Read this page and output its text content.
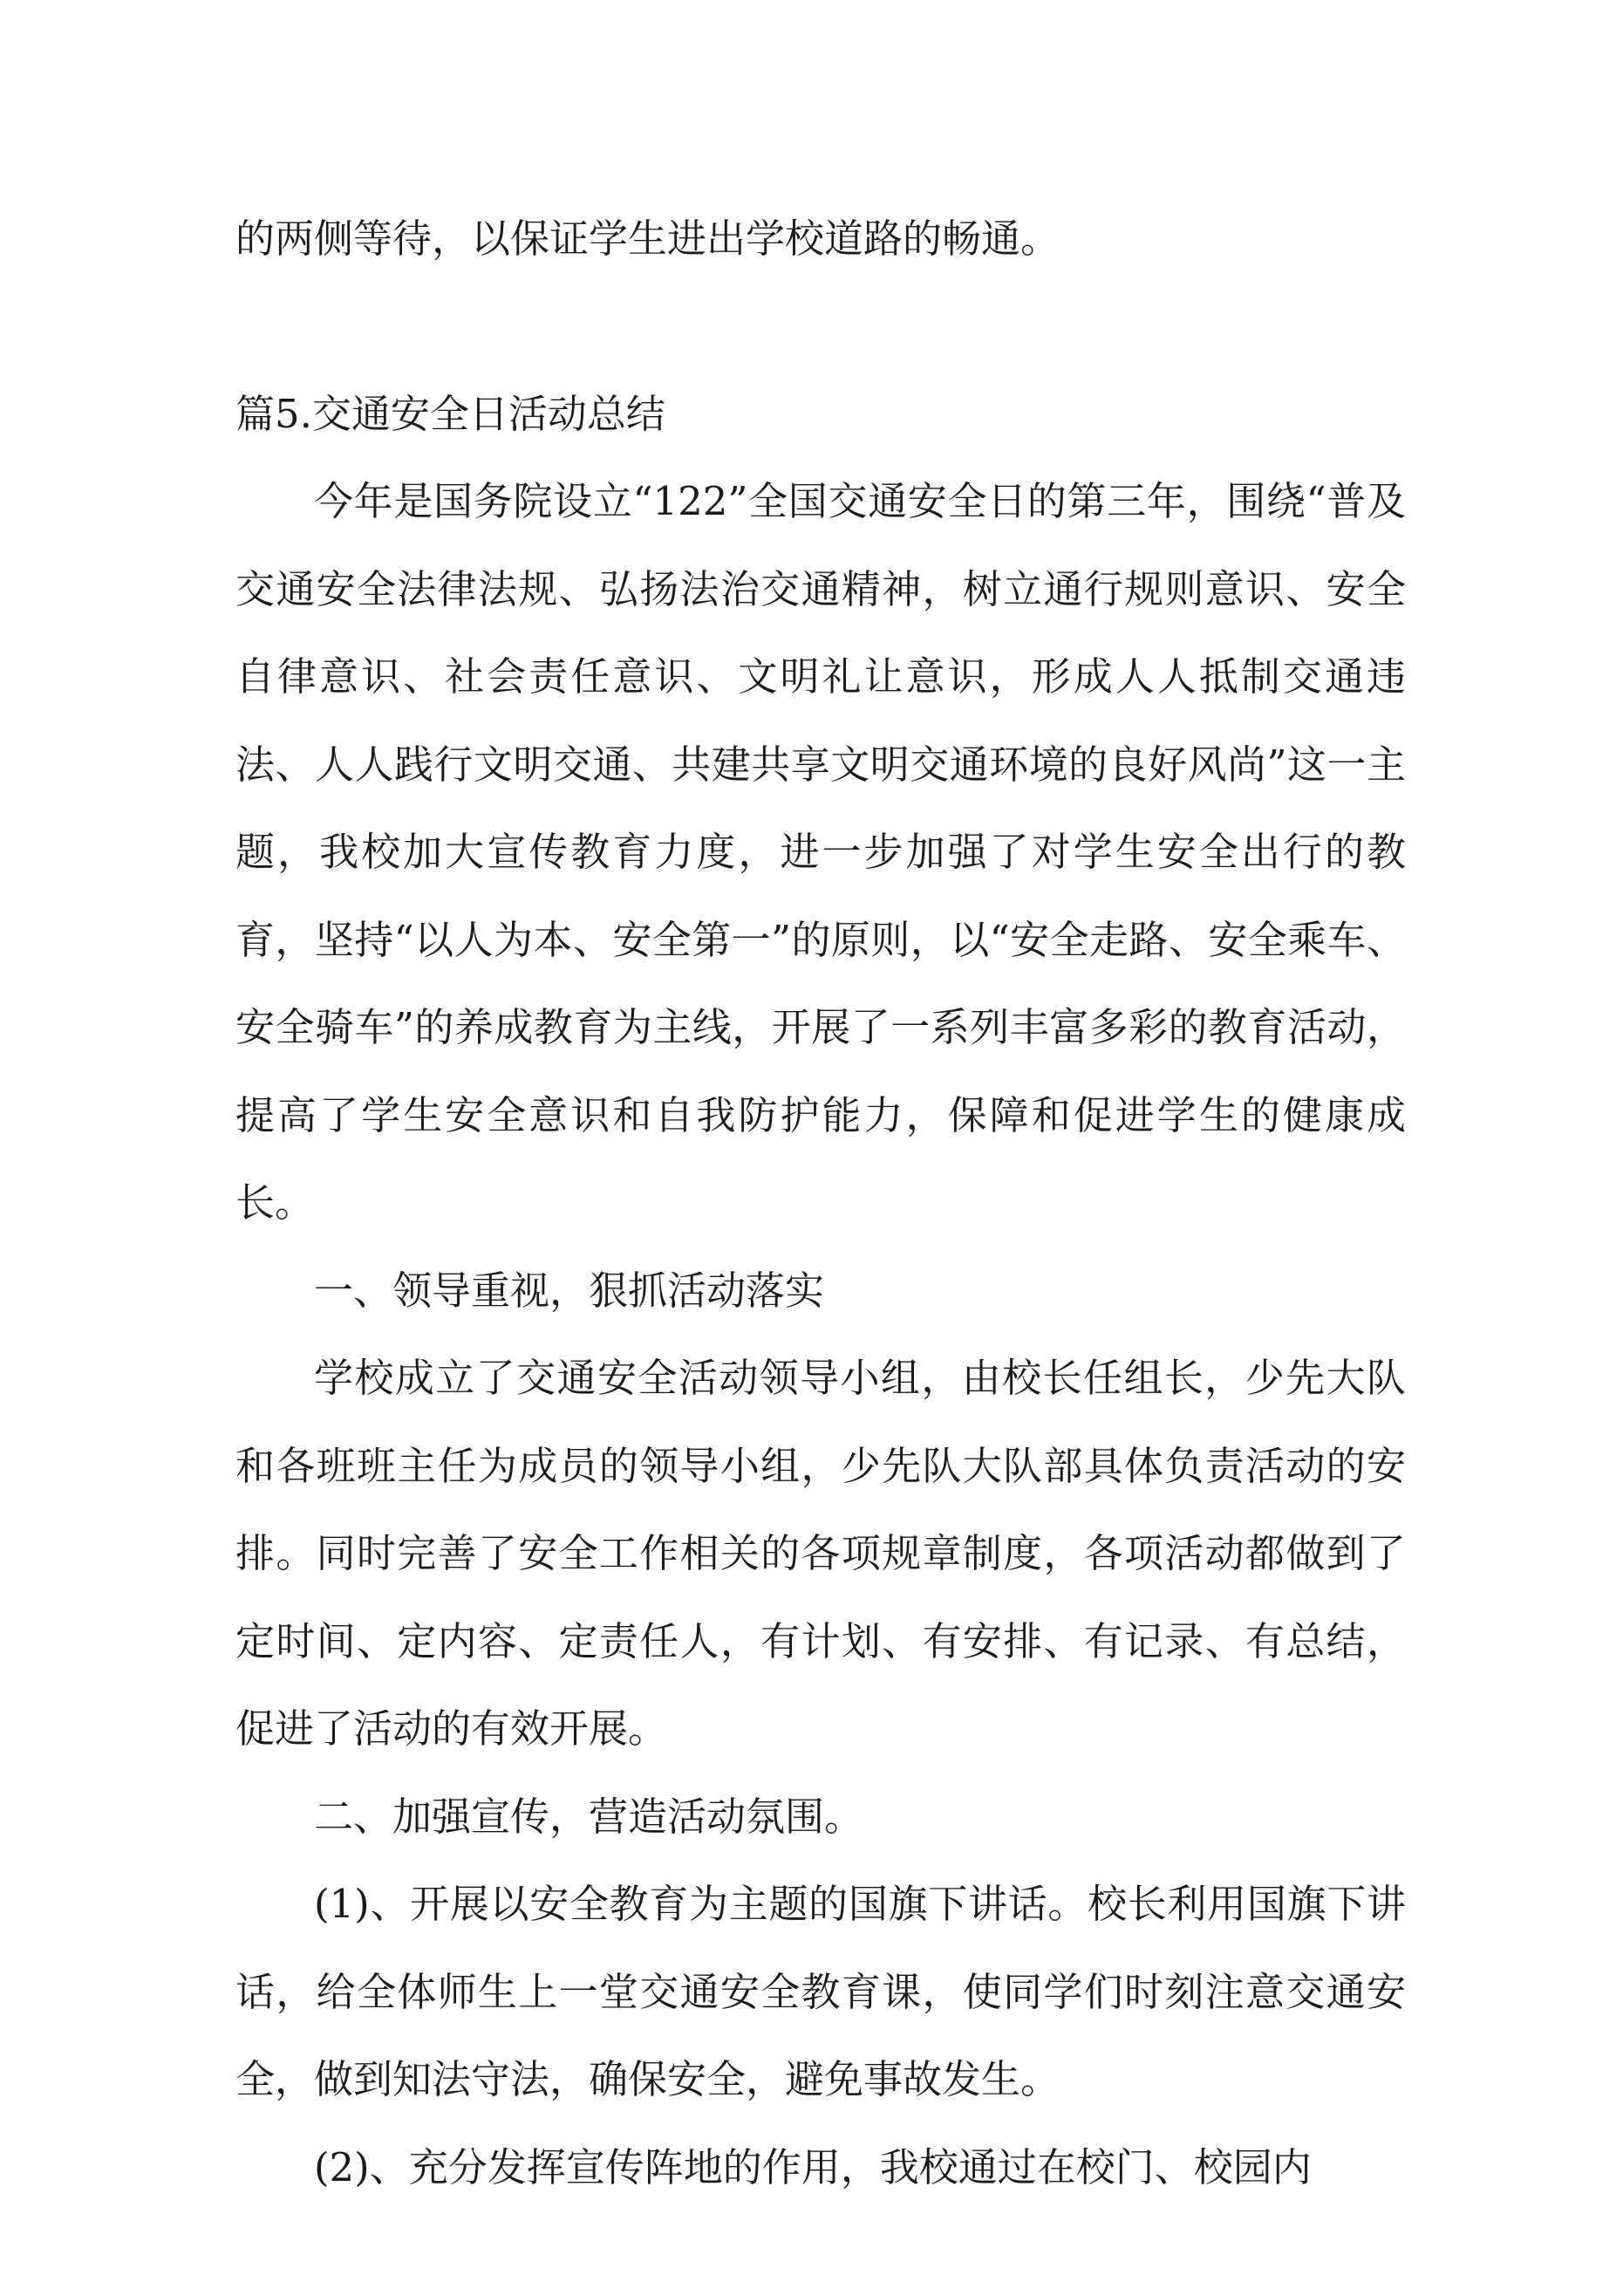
的两侧等待，以保证学生进出学校道路的畅通。

篇5.交通安全日活动总结

今年是国务院设立“122”全国交通安全日的第三年，围绕“普及交通安全法律法规、弘扬法治交通精神，树立通行规则意识、安全自律意识、社会责任意识、文明礼让意识，形成人人抵制交通违法、人人践行文明交通、共建共享文明交通环境的良好风尚”这一主题，我校加大宣传教育力度，进一步加强了对学生安全出行的教育，坚持“以人为本、安全第一”的原则，以“安全走路、安全乘车、安全骑车”的养成教育为主线，开展了一系列丰富多彩的教育活动，提高了学生安全意识和自我防护能力，保障和促进学生的健康成长。

一、领导重视，狠抓活动落实

学校成立了交通安全活动领导小组，由校长任组长，少先大队和各班班主任为成员的领导小组，少先队大队部具体负责活动的安排。同时完善了安全工作相关的各项规章制度，各项活动都做到了定时间、定内容、定责任人，有计划、有安排、有记录、有总结，促进了活动的有效开展。

二、加强宣传，营造活动氛围。

(1)、开展以安全教育为主题的国旗下讲话。校长利用国旗下讲话，给全体师生上一堂交通安全教育课，使同学们时刻注意交通安全，做到知法守法，确保安全，避免事故发生。

(2)、充分发挥宣传阵地的作用，我校通过在校门、校园内
